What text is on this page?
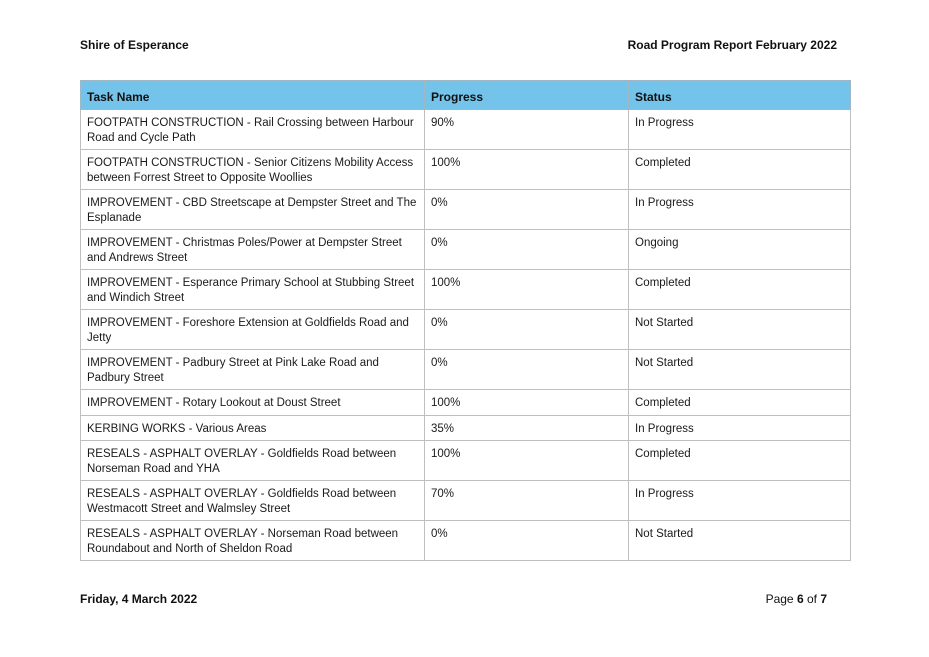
Shire of Esperance	Road Program Report February 2022
Task Name	Progress	Status
FOOTPATH CONSTRUCTION - Rail Crossing between Harbour Road and Cycle Path	90%	In Progress
FOOTPATH CONSTRUCTION - Senior Citizens Mobility Access between Forrest Street to Opposite Woollies	100%	Completed
IMPROVEMENT - CBD Streetscape at Dempster Street and The Esplanade	0%	In Progress
IMPROVEMENT - Christmas Poles/Power at Dempster Street and Andrews Street	0%	Ongoing
IMPROVEMENT - Esperance Primary School at Stubbing Street and Windich Street	100%	Completed
IMPROVEMENT - Foreshore Extension at Goldfields Road and Jetty	0%	Not Started
IMPROVEMENT - Padbury Street at Pink Lake Road and Padbury Street	0%	Not Started
IMPROVEMENT - Rotary Lookout at Doust Street	100%	Completed
KERBING WORKS - Various Areas	35%	In Progress
RESEALS - ASPHALT OVERLAY - Goldfields Road between Norseman Road and YHA	100%	Completed
RESEALS - ASPHALT OVERLAY - Goldfields Road between Westmacott Street and Walmsley Street	70%	In Progress
RESEALS - ASPHALT OVERLAY - Norseman Road between Roundabout and North of Sheldon Road	0%	Not Started
Friday, 4 March 2022	Page 6 of 7
